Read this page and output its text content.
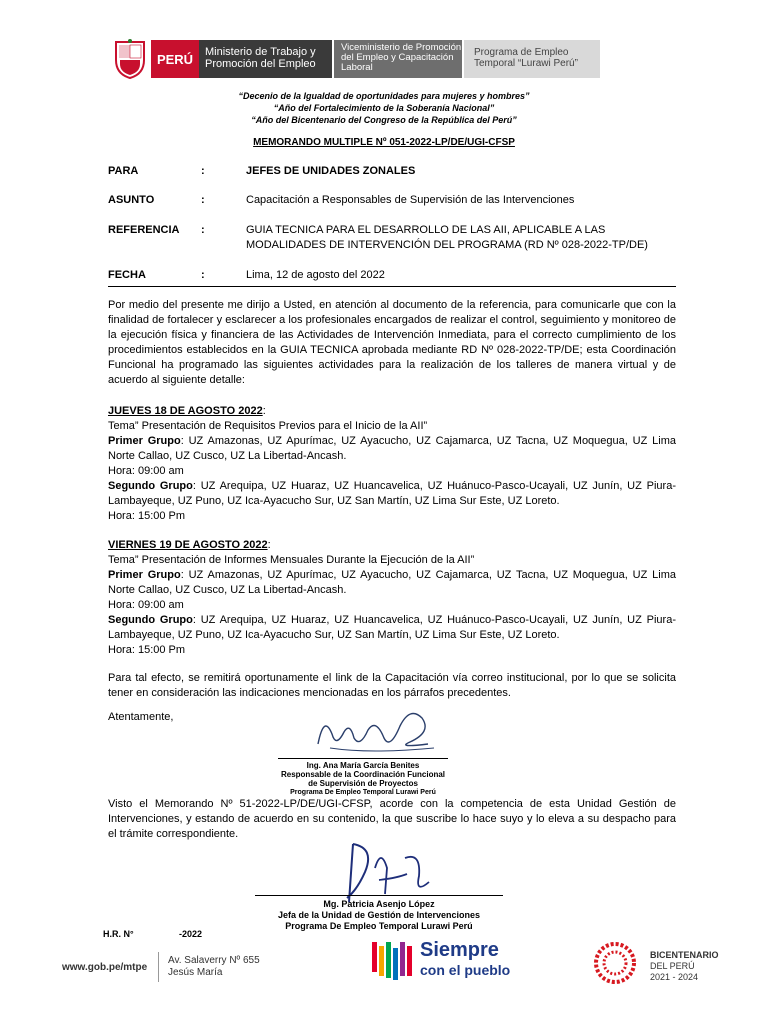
PERÚ	Ministerio de Trabajo y Promoción del Empleo
Viceministerio de Promoción del Empleo y Capacitación Laboral
Programa de Empleo Temporal “Lurawi Perú”
“Decenio de la Igualdad de oportunidades para mujeres y hombres”
“Año del Fortalecimiento de la Soberanía Nacional”
“Año del Bicentenario del Congreso de la República del Perú”
MEMORANDO MULTIPLE Nº 051-2022-LP/DE/UGI-CFSP
PARA	:	JEFES DE UNIDADES ZONALES
ASUNTO	:	Capacitación a Responsables de Supervisión de las Intervenciones
REFERENCIA :	GUIA TECNICA PARA EL DESARROLLO DE LAS AII, APLICABLE A LAS MODALIDADES DE INTERVENCIÓN DEL PROGRAMA (RD Nº 028-2022-TP/DE)
FECHA	:	Lima, 12 de agosto del 2022
Por medio del presente me dirijo a Usted, en atención al documento de la referencia, para comunicarle que con la finalidad de fortalecer y esclarecer a los profesionales encargados de realizar el control, seguimiento y monitoreo de la ejecución física y financiera de las Actividades de Intervención Inmediata, para el correcto cumplimiento de los procedimientos establecidos en la GUIA TECNICA aprobada mediante RD Nº 028-2022-TP/DE; esta Coordinación Funcional ha programado las siguientes actividades para la realización de los talleres de manera virtual y de acuerdo al siguiente detalle:
JUEVES 18 DE AGOSTO 2022:
Tema” Presentación de Requisitos Previos para el Inicio de la AII”
Primer Grupo: UZ Amazonas, UZ Apurímac, UZ Ayacucho, UZ Cajamarca, UZ Tacna, UZ Moquegua, UZ Lima Norte Callao, UZ Cusco, UZ La Libertad-Ancash.
Hora: 09:00 am
Segundo Grupo: UZ Arequipa, UZ Huaraz, UZ Huancavelica, UZ Huánuco-Pasco-Ucayali, UZ Junín, UZ Piura-Lambayeque, UZ Puno, UZ Ica-Ayacucho Sur, UZ San Martín, UZ Lima Sur Este, UZ Loreto.
Hora: 15:00 Pm
VIERNES 19 DE AGOSTO 2022:
Tema” Presentación de Informes Mensuales Durante la Ejecución de la AII”
Primer Grupo: UZ Amazonas, UZ Apurímac, UZ Ayacucho, UZ Cajamarca, UZ Tacna, UZ Moquegua, UZ Lima Norte Callao, UZ Cusco, UZ La Libertad-Ancash.
Hora: 09:00 am
Segundo Grupo: UZ Arequipa, UZ Huaraz, UZ Huancavelica, UZ Huánuco-Pasco-Ucayali, UZ Junín, UZ Piura-Lambayeque, UZ Puno, UZ Ica-Ayacucho Sur, UZ San Martín, UZ Lima Sur Este, UZ Loreto.
Hora: 15:00 Pm
Para tal efecto, se remitirá oportunamente el link de la Capacitación vía correo institucional, por lo que se solicita tener en consideración las indicaciones mencionadas en los párrafos precedentes.
Atentamente,
Ing. Ana María García Benites
Responsable de la Coordinación Funcional
de Supervisión de Proyectos
Programa De Empleo Temporal Lurawi Perú
Visto el Memorando Nº 51-2022-LP/DE/UGI-CFSP, acorde con la competencia de esta Unidad Gestión de Intervenciones, y estando de acuerdo en su contenido, la que suscribe lo hace suyo y lo eleva a su despacho para el trámite correspondiente.
Mg. Patricia Asenjo López
Jefa de la Unidad de Gestión de Intervenciones
Programa De Empleo Temporal Lurawi Perú
H.R. N°	-2022
www.gob.pe/mtpe
Av. Salaverry Nº 655
Jesús María
Siempre
con el pueblo
BICENTENARIO
DEL PERÚ
2021 - 2024
